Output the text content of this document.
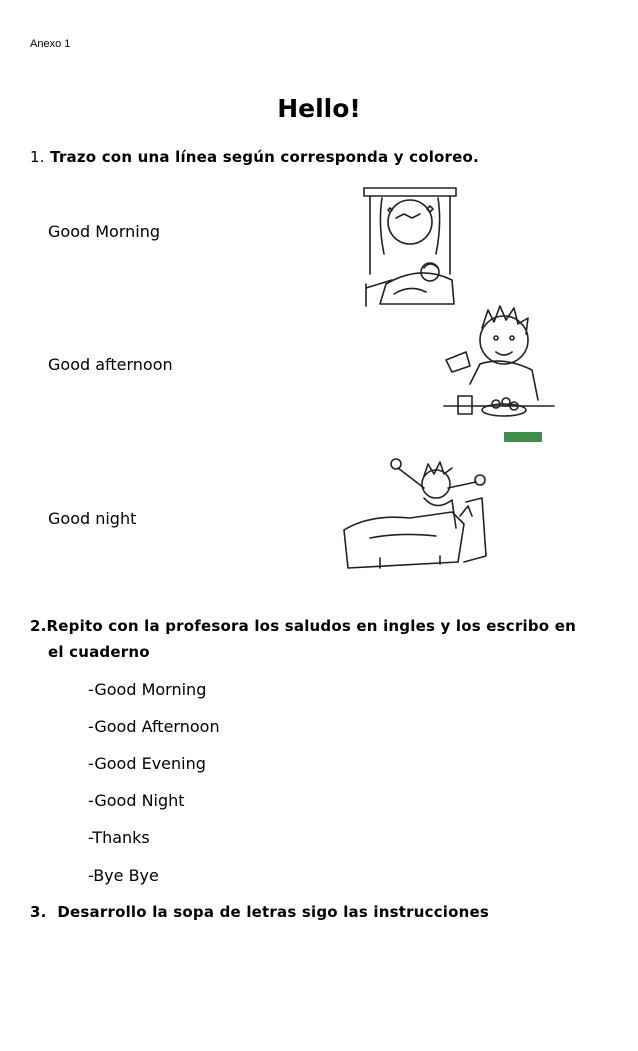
Anexo 1
Hello!
1. Trazo con una línea según corresponda y coloreo.
Good Morning
Good afternoon
Good night
2.Repito con la profesora los saludos en ingles y los escribo en
el cuaderno
-Good Morning
-Good Afternoon
-Good Evening
-Good Night
-Thanks
-Bye Bye
3. Desarrollo la sopa de letras sigo las instrucciones
